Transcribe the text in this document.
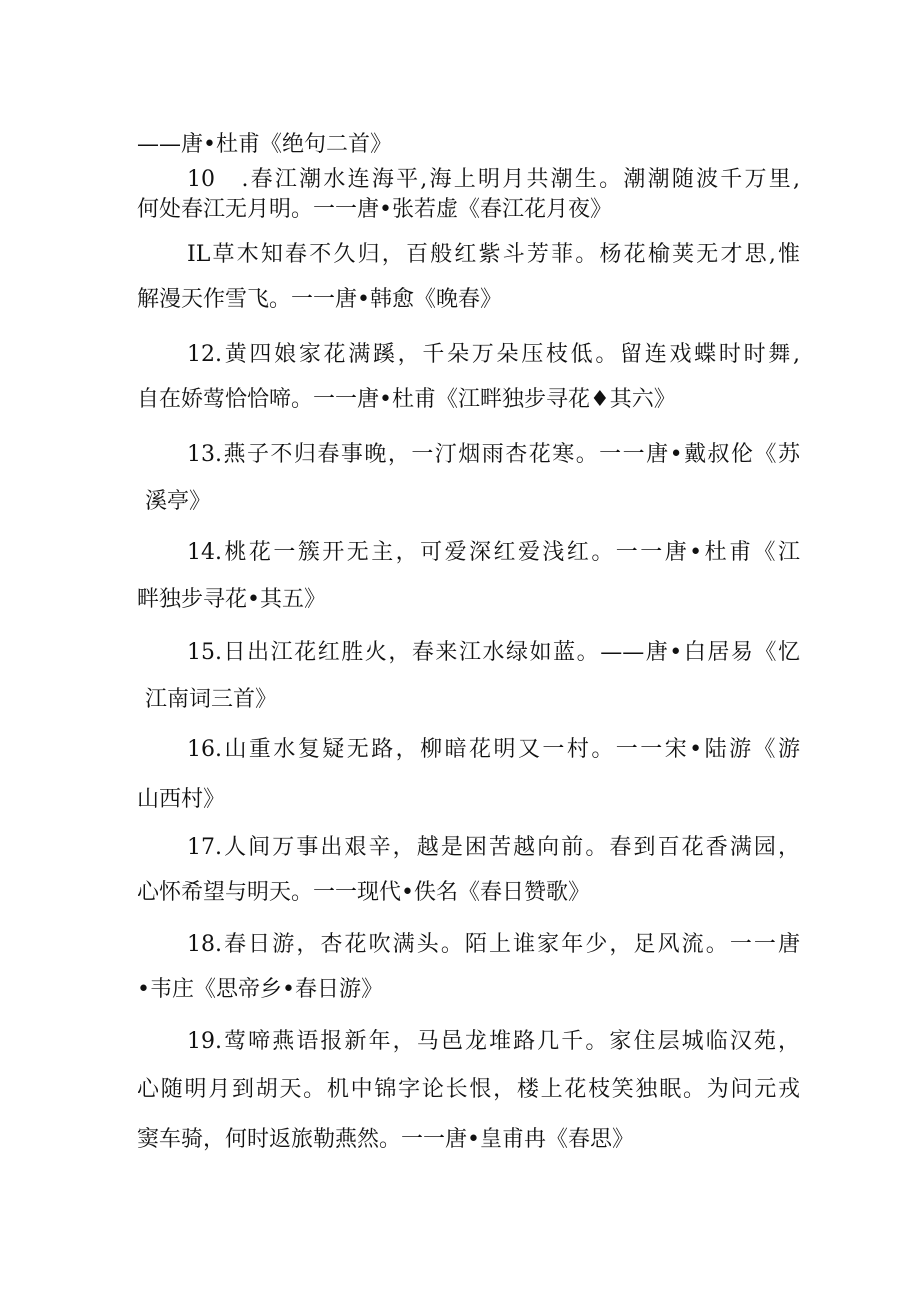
——唐•杜甫《绝句二首》
10　.春江潮水连海平,海上明月共潮生。潮潮随波千万里,
何处春江无月明。一一唐•张若虚《春江花月夜》
IL草木知春不久归，百般红紫斗芳菲。杨花榆荚无才思,惟
解漫天作雪飞。一一唐•韩愈《晚春》
12.黄四娘家花满蹊，千朵万朵压枝低。留连戏蝶时时舞,
自在娇莺恰恰啼。一一唐•杜甫《江畔独步寻花♦其六》
13.燕子不归春事晚，一汀烟雨杏花寒。一一唐•戴叔伦《苏
溪亭》
14.桃花一簇开无主，可爱深红爱浅红。一一唐•杜甫《江
畔独步寻花•其五》
15.日出江花红胜火，春来江水绿如蓝。——唐•白居易《忆
江南词三首》
16.山重水复疑无路，柳暗花明又一村。一一宋•陆游《游
山西村》
17.人间万事出艰辛，越是困苦越向前。春到百花香满园，
心怀希望与明天。一一现代•佚名《春日赞歌》
18.春日游，杏花吹满头。陌上谁家年少，足风流。一一唐
•韦庄《思帝乡•春日游》
19.莺啼燕语报新年，马邑龙堆路几千。家住层城临汉苑，
心随明月到胡天。机中锦字论长恨，楼上花枝笑独眠。为问元戎
窦车骑，何时返旅勒燕然。一一唐•皇甫冉《春思》
